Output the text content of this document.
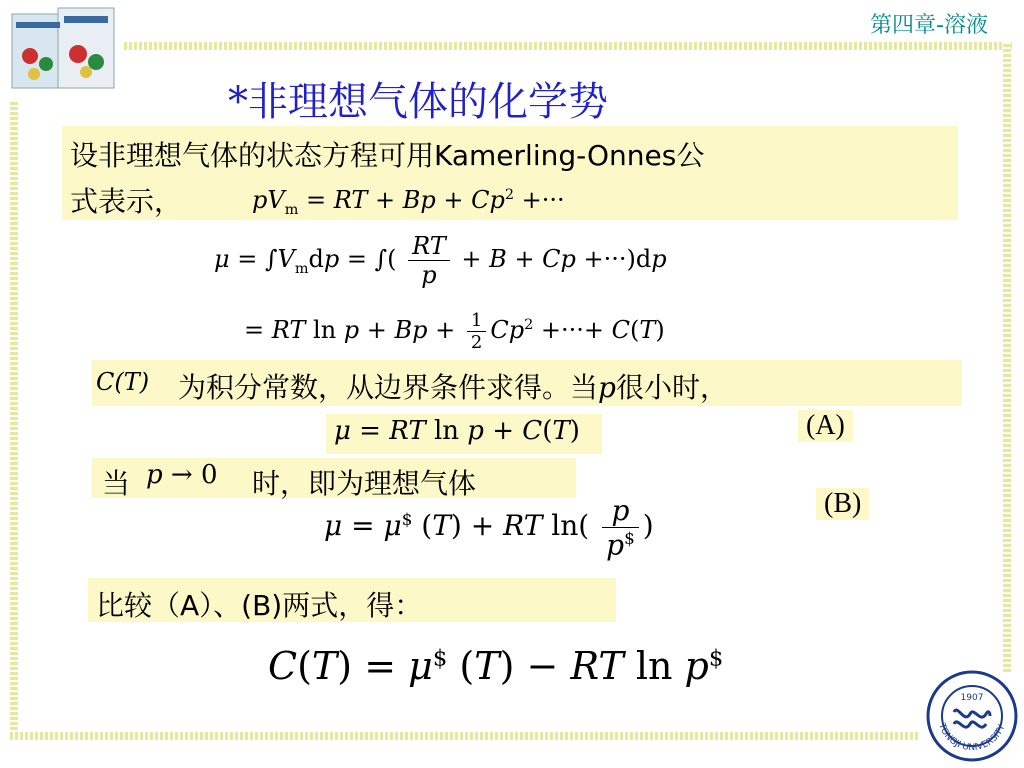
第四章-溶液
*非理想气体的化学势
设非理想气体的状态方程可用Kamerling-Onnes公
式表示，	$pV_m$ = RT + $Bp + Cp^2$ +···
$\mu = \int V_mdp$ = ∫( $\frac{RT}{p} + B + Cp +\cdot\cdot\cdot)dp$
= RT $\ln p + Bp + \frac{1}{2} Cp^2$ +···+ C(T)
C(T) 为积分常数，从边界条件求得。当p很小时，
μ = RT ln p + C(T)	(A)
当 p → 0 时，即为理想气体
μ = μ$ (T) + RT $\ln( \frac{p}{p^{\$}}$ )
(B)
比较（A）、(B)两式，得：
C(T) = μ$ (T) − RT ln p$
TONGJI UNIVERSITY
1907
